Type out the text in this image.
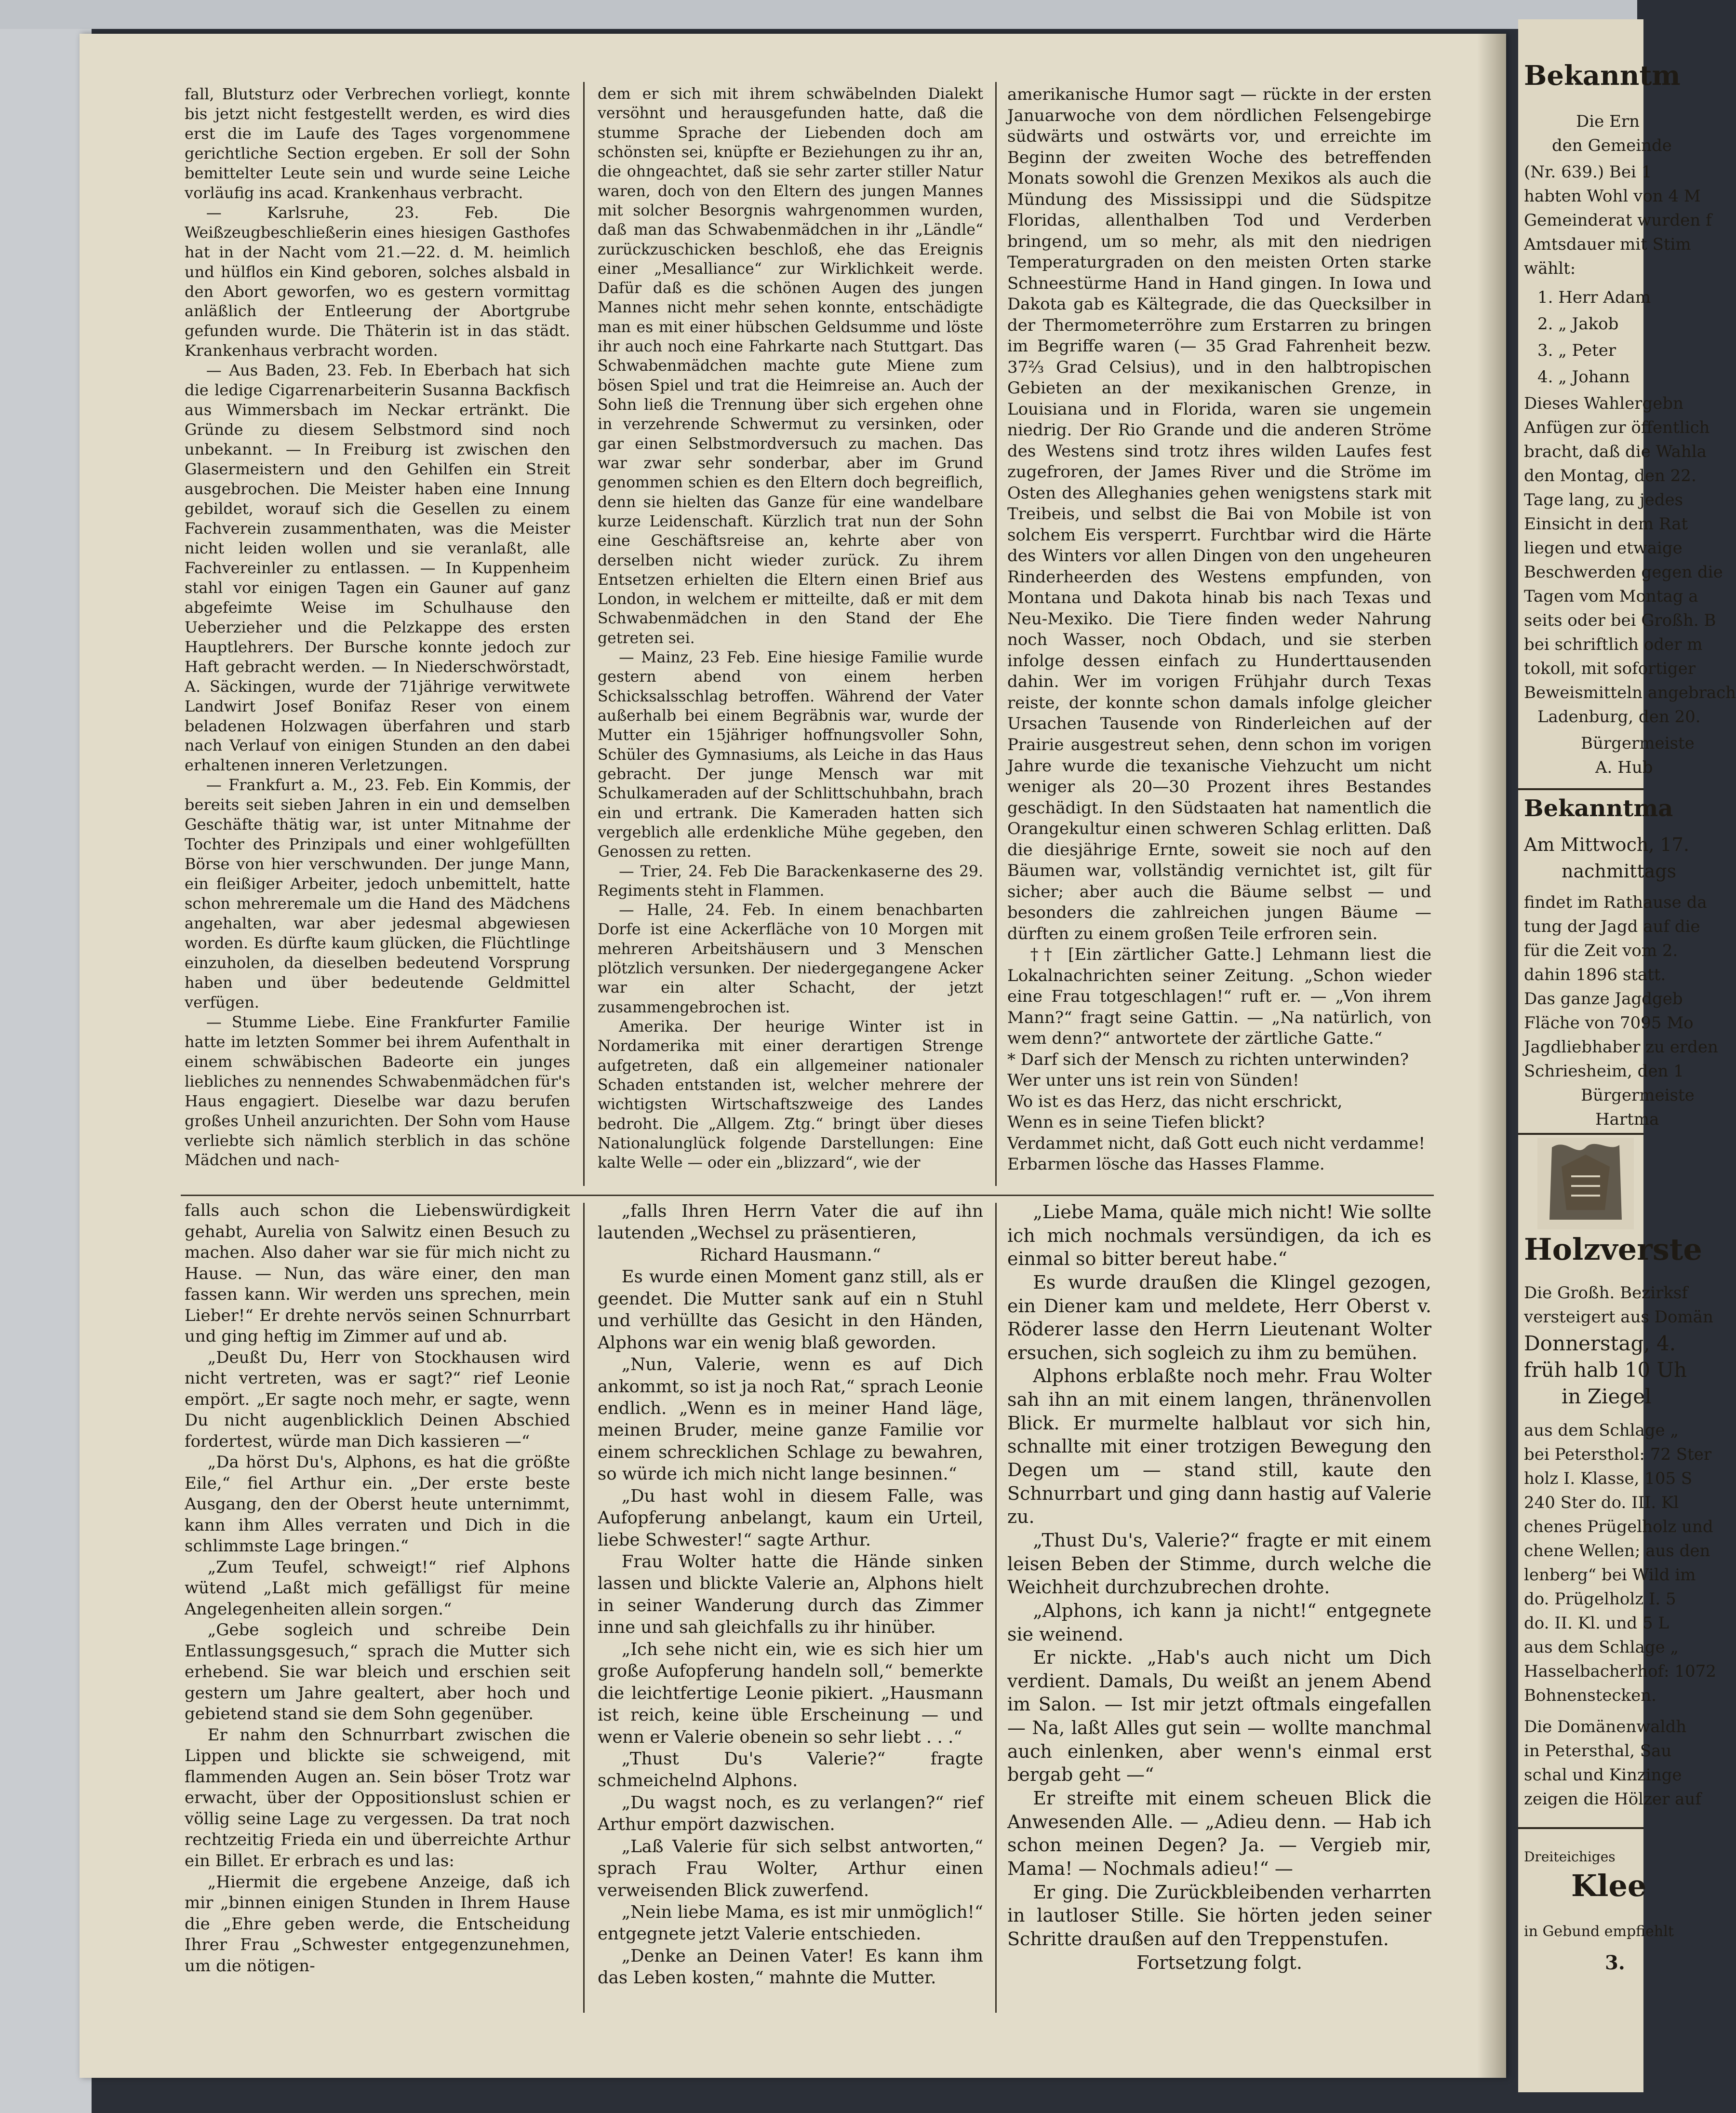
fall, Blutsturz oder Verbrechen vorliegt, konnte bis jetzt nicht festgestellt werden, es wird dies erst die im Laufe des Tages vorgenommene gerichtliche Section ergeben. Er soll der Sohn bemittelter Leute sein und wurde seine Leiche vorläufig ins acad. Krankenhaus verbracht.

— Karlsruhe, 23. Feb. Die Weißzeugbeschließerin eines hiesigen Gasthofes hat in der Nacht vom 21.—22. d. M. heimlich und hülflos ein Kind geboren, solches alsbald in den Abort geworfen, wo es gestern vormittag anläßlich der Entleerung der Abortgrube gefunden wurde. Die Thäterin ist in das städt. Krankenhaus verbracht worden.

— Aus Baden, 23. Feb. In Eberbach hat sich die ledige Cigarrenarbeiterin Susanna Backfisch aus Wimmersbach im Neckar ertränkt. Die Gründe zu diesem Selbstmord sind noch unbekannt. — In Freiburg ist zwischen den Glasermeistern und den Gehilfen ein Streit ausgebrochen. Die Meister haben eine Innung gebildet, worauf sich die Gesellen zu einem Fachverein zusammenthaten, was die Meister nicht leiden wollen und sie veranlaßt, alle Fachvereinler zu entlassen. — In Kuppenheim stahl vor einigen Tagen ein Gauner auf ganz abgefeimte Weise im Schulhause den Ueberzieher und die Pelzkappe des ersten Hauptlehrers. Der Bursche konnte jedoch zur Haft gebracht werden. — In Niederschwörstadt, A. Säckingen, wurde der 71jährige verwitwete Landwirt Josef Bonifaz Reser von einem beladenen Holzwagen überfahren und starb nach Verlauf von einigen Stunden an den dabei erhaltenen inneren Verletzungen.

— Frankfurt a. M., 23. Feb. Ein Kommis, der bereits seit sieben Jahren in ein und demselben Geschäfte thätig war, ist unter Mitnahme der Tochter des Prinzipals und einer wohlgefüllten Börse von hier verschwunden. Der junge Mann, ein fleißiger Arbeiter, jedoch unbemittelt, hatte schon mehreremale um die Hand des Mädchens angehalten, war aber jedesmal abgewiesen worden. Es dürfte kaum glücken, die Flüchtlinge einzuholen, da dieselben bedeutend Vorsprung haben und über bedeutende Geldmittel verfügen.

— Stumme Liebe. Eine Frankfurter Familie hatte im letzten Sommer bei ihrem Aufenthalt in einem schwäbischen Badeorte ein junges liebliches zu nennendes Schwabenmädchen für's Haus engagiert. Dieselbe war dazu berufen großes Unheil anzurichten. Der Sohn vom Hause verliebte sich nämlich sterblich in das schöne Mädchen und nach-

dem er sich mit ihrem schwäbelnden Dialekt versöhnt und herausgefunden hatte, daß die stumme Sprache der Liebenden doch am schönsten sei, knüpfte er Beziehungen zu ihr an, die ohngeachtet, daß sie sehr zarter stiller Natur waren, doch von den Eltern des jungen Mannes mit solcher Besorgnis wahrgenommen wurden, daß man das Schwabenmädchen in ihr „Ländle“ zurückzuschicken beschloß, ehe das Ereignis einer „Mesalliance“ zur Wirklichkeit werde. Dafür daß es die schönen Augen des jungen Mannes nicht mehr sehen konnte, entschädigte man es mit einer hübschen Geldsumme und löste ihr auch noch eine Fahrkarte nach Stuttgart. Das Schwabenmädchen machte gute Miene zum bösen Spiel und trat die Heimreise an. Auch der Sohn ließ die Trennung über sich ergehen ohne in verzehrende Schwermut zu versinken, oder gar einen Selbstmordversuch zu machen. Das war zwar sehr sonderbar, aber im Grund genommen schien es den Eltern doch begreiflich, denn sie hielten das Ganze für eine wandelbare kurze Leidenschaft. Kürzlich trat nun der Sohn eine Geschäftsreise an, kehrte aber von derselben nicht wieder zurück. Zu ihrem Entsetzen erhielten die Eltern einen Brief aus London, in welchem er mitteilte, daß er mit dem Schwabenmädchen in den Stand der Ehe getreten sei.

— Mainz, 23 Feb. Eine hiesige Familie wurde gestern abend von einem herben Schicksalsschlag betroffen. Während der Vater außerhalb bei einem Begräbnis war, wurde der Mutter ein 15jähriger hoffnungsvoller Sohn, Schüler des Gymnasiums, als Leiche in das Haus gebracht. Der junge Mensch war mit Schulkameraden auf der Schlittschuhbahn, brach ein und ertrank. Die Kameraden hatten sich vergeblich alle erdenkliche Mühe gegeben, den Genossen zu retten.

— Trier, 24. Feb Die Barackenkaserne des 29. Regiments steht in Flammen.

— Halle, 24. Feb. In einem benachbarten Dorfe ist eine Ackerfläche von 10 Morgen mit mehreren Arbeitshäusern und 3 Menschen plötzlich versunken. Der niedergegangene Acker war ein alter Schacht, der jetzt zusammengebrochen ist.

Amerika. Der heurige Winter ist in Nordamerika mit einer derartigen Strenge aufgetreten, daß ein allgemeiner nationaler Schaden entstanden ist, welcher mehrere der wichtigsten Wirtschaftszweige des Landes bedroht. Die „Allgem. Ztg.“ bringt über dieses Nationalunglück folgende Darstellungen: Eine kalte Welle — oder ein „blizzard“, wie der

amerikanische Humor sagt — rückte in der ersten Januarwoche von dem nördlichen Felsengebirge südwärts und ostwärts vor, und erreichte im Beginn der zweiten Woche des betreffenden Monats sowohl die Grenzen Mexikos als auch die Mündung des Mississippi und die Südspitze Floridas, allenthalben Tod und Verderben bringend, um so mehr, als mit den niedrigen Temperaturgraden on den meisten Orten starke Schneestürme Hand in Hand gingen. In Iowa und Dakota gab es Kältegrade, die das Quecksilber in der Thermometerröhre zum Erstarren zu bringen im Begriffe waren (— 35 Grad Fahrenheit bezw. 37⅔ Grad Celsius), und in den halbtropischen Gebieten an der mexikanischen Grenze, in Louisiana und in Florida, waren sie ungemein niedrig. Der Rio Grande und die anderen Ströme des Westens sind trotz ihres wilden Laufes fest zugefroren, der James River und die Ströme im Osten des Alleghanies gehen wenigstens stark mit Treibeis, und selbst die Bai von Mobile ist von solchem Eis versperrt. Furchtbar wird die Härte des Winters vor allen Dingen von den ungeheuren Rinderheerden des Westens empfunden, von Montana und Dakota hinab bis nach Texas und Neu-Mexiko. Die Tiere finden weder Nahrung noch Wasser, noch Obdach, und sie sterben infolge dessen einfach zu Hunderttausenden dahin. Wer im vorigen Frühjahr durch Texas reiste, der konnte schon damals infolge gleicher Ursachen Tausende von Rinderleichen auf der Prairie ausgestreut sehen, denn schon im vorigen Jahre wurde die texanische Viehzucht um nicht weniger als 20—30 Prozent ihres Bestandes geschädigt. In den Südstaaten hat namentlich die Orangekultur einen schweren Schlag erlitten. Daß die diesjährige Ernte, soweit sie noch auf den Bäumen war, vollständig vernichtet ist, gilt für sicher; aber auch die Bäume selbst — und besonders die zahlreichen jungen Bäume — dürften zu einem großen Teile erfroren sein.

†† [Ein zärtlicher Gatte.] Lehmann liest die Lokalnachrichten seiner Zeitung. „Schon wieder eine Frau totgeschlagen!“ ruft er. — „Von ihrem Mann?“ fragt seine Gattin. — „Na natürlich, von wem denn?“ antwortete der zärtliche Gatte.“

* Darf sich der Mensch zu richten unterwinden?

Wer unter uns ist rein von Sünden!

Wo ist es das Herz, das nicht erschrickt,

Wenn es in seine Tiefen blickt?

Verdammet nicht, daß Gott euch nicht verdamme!

Erbarmen lösche das Hasses Flamme.

falls auch schon die Liebenswürdigkeit gehabt, Aurelia von Salwitz einen Besuch zu machen. Also daher war sie für mich nicht zu Hause. — Nun, das wäre einer, den man fassen kann. Wir werden uns sprechen, mein Lieber!“ Er drehte nervös seinen Schnurrbart und ging heftig im Zimmer auf und ab.

„Deußt Du, Herr von Stockhausen wird nicht vertreten, was er sagt?“ rief Leonie empört. „Er sagte noch mehr, er sagte, wenn Du nicht augenblicklich Deinen Abschied fordertest, würde man Dich kassieren —“

„Da hörst Du's, Alphons, es hat die größte Eile,“ fiel Arthur ein. „Der erste beste Ausgang, den der Oberst heute unternimmt, kann ihm Alles verraten und Dich in die schlimmste Lage bringen.“

„Zum Teufel, schweigt!“ rief Alphons wütend „Laßt mich gefälligst für meine Angelegenheiten allein sorgen.“

„Gebe sogleich und schreibe Dein Entlassungsgesuch,“ sprach die Mutter sich erhebend. Sie war bleich und erschien seit gestern um Jahre gealtert, aber hoch und gebietend stand sie dem Sohn gegenüber.

Er nahm den Schnurrbart zwischen die Lippen und blickte sie schweigend, mit flammenden Augen an. Sein böser Trotz war erwacht, über der Oppositionslust schien er völlig seine Lage zu vergessen. Da trat noch rechtzeitig Frieda ein und überreichte Arthur ein Billet. Er erbrach es und las:

„Hiermit die ergebene Anzeige, daß ich mir „binnen einigen Stunden in Ihrem Hause die „Ehre geben werde, die Entscheidung Ihrer Frau „Schwester entgegenzunehmen, um die nötigen-

„falls Ihren Herrn Vater die auf ihn lautenden „Wechsel zu präsentieren,

Richard Hausmann.“

Es wurde einen Moment ganz still, als er geendet. Die Mutter sank auf ein n Stuhl und verhüllte das Gesicht in den Händen, Alphons war ein wenig blaß geworden.

„Nun, Valerie, wenn es auf Dich ankommt, so ist ja noch Rat,“ sprach Leonie endlich. „Wenn es in meiner Hand läge, meinen Bruder, meine ganze Familie vor einem schrecklichen Schlage zu bewahren, so würde ich mich nicht lange besinnen.“

„Du hast wohl in diesem Falle, was Aufopferung anbelangt, kaum ein Urteil, liebe Schwester!“ sagte Arthur.

Frau Wolter hatte die Hände sinken lassen und blickte Valerie an, Alphons hielt in seiner Wanderung durch das Zimmer inne und sah gleichfalls zu ihr hinüber.

„Ich sehe nicht ein, wie es sich hier um große Aufopferung handeln soll,“ bemerkte die leichtfertige Leonie pikiert. „Hausmann ist reich, keine üble Erscheinung — und wenn er Valerie obenein so sehr liebt . . .“

„Thust Du's Valerie?“ fragte schmeichelnd Alphons.

„Du wagst noch, es zu verlangen?“ rief Arthur empört dazwischen.

„Laß Valerie für sich selbst antworten,“ sprach Frau Wolter, Arthur einen verweisenden Blick zuwerfend.

„Nein liebe Mama, es ist mir unmöglich!“ entgegnete jetzt Valerie entschieden.

„Denke an Deinen Vater! Es kann ihm das Leben kosten,“ mahnte die Mutter.

„Liebe Mama, quäle mich nicht! Wie sollte ich mich nochmals versündigen, da ich es einmal so bitter bereut habe.“

Es wurde draußen die Klingel gezogen, ein Diener kam und meldete, Herr Oberst v. Röderer lasse den Herrn Lieutenant Wolter ersuchen, sich sogleich zu ihm zu bemühen.

Alphons erblaßte noch mehr. Frau Wolter sah ihn an mit einem langen, thränenvollen Blick. Er murmelte halblaut vor sich hin, schnallte mit einer trotzigen Bewegung den Degen um — stand still, kaute den Schnurrbart und ging dann hastig auf Valerie zu.

„Thust Du's, Valerie?“ fragte er mit einem leisen Beben der Stimme, durch welche die Weichheit durchzubrechen drohte.

„Alphons, ich kann ja nicht!“ entgegnete sie weinend.

Er nickte. „Hab's auch nicht um Dich verdient. Damals, Du weißt an jenem Abend im Salon. — Ist mir jetzt oftmals eingefallen — Na, laßt Alles gut sein — wollte manchmal auch einlenken, aber wenn's einmal erst bergab geht —“

Er streifte mit einem scheuen Blick die Anwesenden Alle. — „Adieu denn. — Hab ich schon meinen Degen? Ja. — Vergieb mir, Mama! — Nochmals adieu!“ —

Er ging. Die Zurückbleibenden verharrten in lautloser Stille. Sie hörten jeden seiner Schritte draußen auf den Treppenstufen.

Fortsetzung folgt.

Bekanntm
Die Ern
den Gemeinde
(Nr. 639.) Bei 1
habten Wohl von 4 M
Gemeinderat wurden f
Amtsdauer mit Stim
wählt:
1. Herr Adam
2. „ Jakob
3. „ Peter
4. „ Johann
Dieses Wahlergebn
Anfügen zur öffentlich
bracht, daß die Wahla
den Montag, den 22.
Tage lang, zu jedes
Einsicht in dem Rat
liegen und etwaige
Beschwerden gegen die
Tagen vom Montag a
seits oder bei Großh. B
bei schriftlich oder m
tokoll, mit sofortiger
Beweismitteln angebrach
Ladenburg, den 20.
Bürgermeiste
A. Hub
Bekanntma
Am Mittwoch, 17.
nachmittags
findet im Rathause da
tung der Jagd auf die
für die Zeit vom 2.
dahin 1896 statt.
Das ganze Jagdgeb
Fläche von 7095 Mo
Jagdliebhaber zu erden
Schriesheim, den 1
Bürgermeiste
Hartma
Holzverste
Die Großh. Bezirksf
versteigert aus Domän
Donnerstag, 4.
früh halb 10 Uh
in Ziegel
aus dem Schlage „
bei Petersthol: 72 Ster
holz I. Klasse, 105 S
240 Ster do. III. Kl
chenes Prügelholz und
chene Wellen; aus den
lenberg“ bei Wild im
do. Prügelholz I. 5
do. II. Kl. und 5 L
aus dem Schlage „
Hasselbacherhof: 1072
Bohnenstecken.
Die Domänenwaldh
in Petersthal, Sau
schal und Kinzinge
zeigen die Hölzer auf
Dreiteichiges
Klee
in Gebund empfiehlt
3.
